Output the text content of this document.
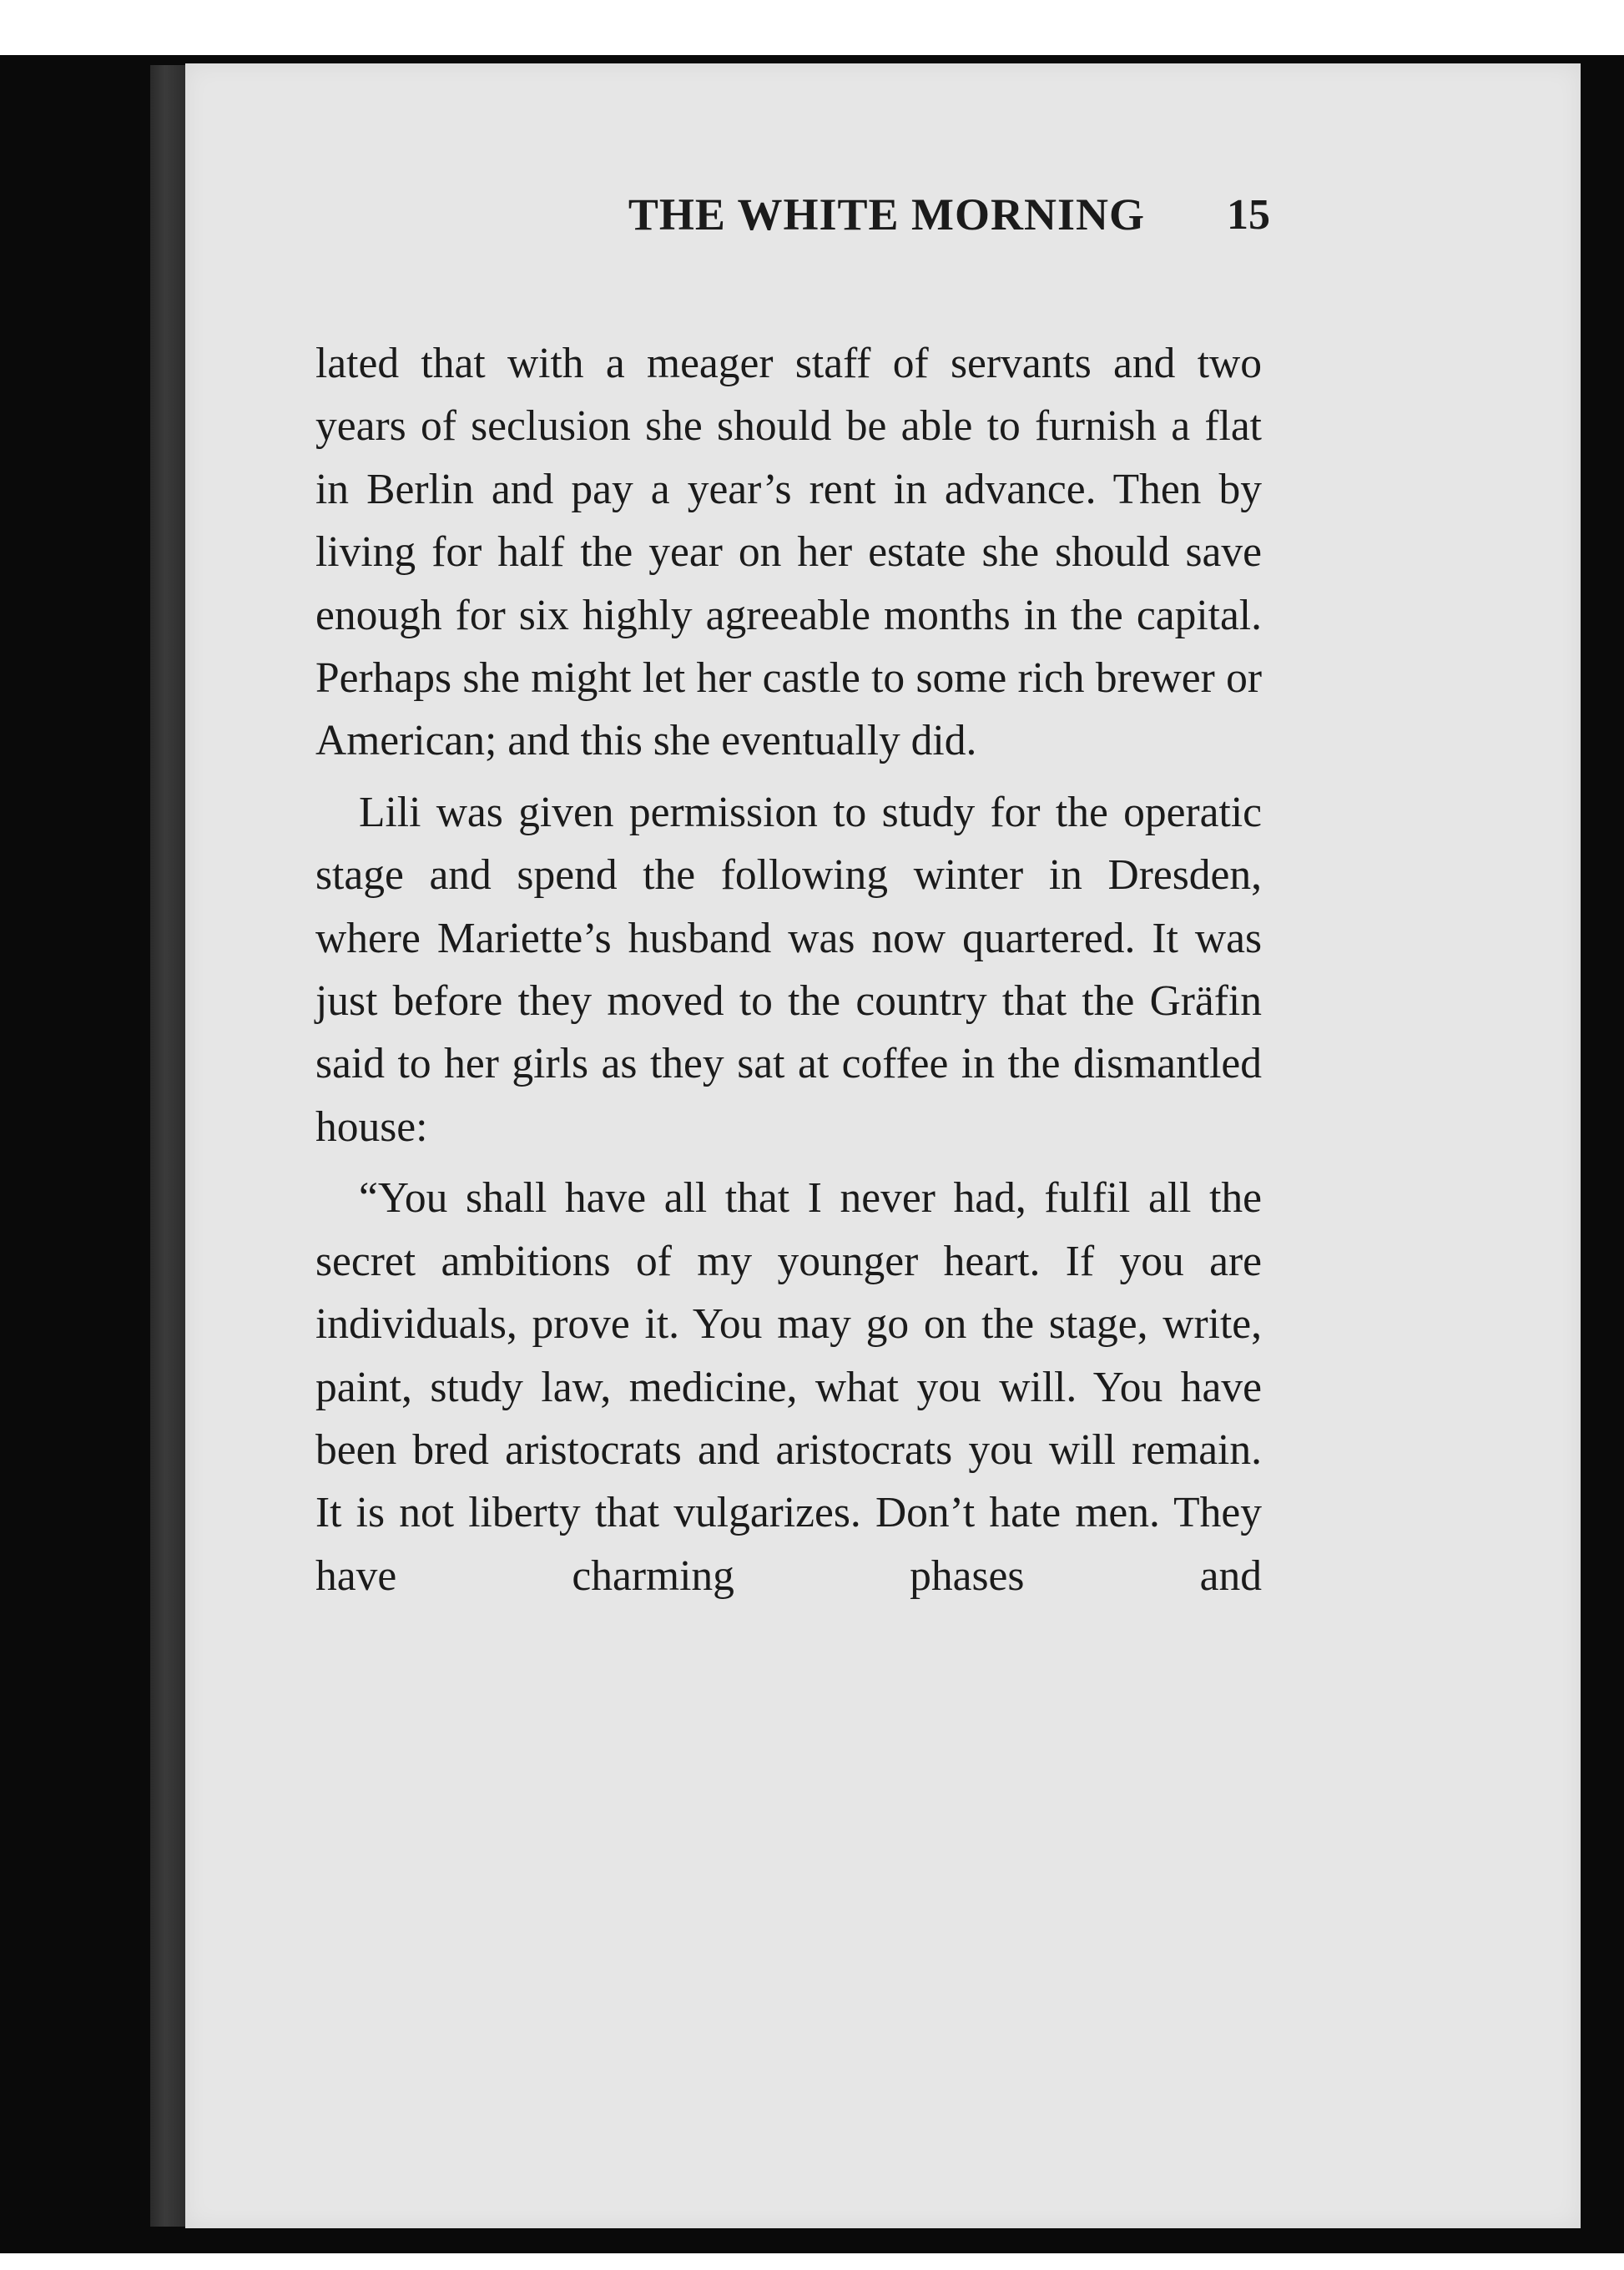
THE WHITE MORNING 15

lated that with a meager staff of servants and two years of seclusion she should be able to furnish a flat in Berlin and pay a year’s rent in advance. Then by living for half the year on her estate she should save enough for six highly agreeable months in the capital. Perhaps she might let her castle to some rich brewer or American; and this she eventually did.

Lili was given permission to study for the operatic stage and spend the following winter in Dresden, where Mariette’s husband was now quartered. It was just before they moved to the country that the Gräfin said to her girls as they sat at coffee in the dismantled house:

“You shall have all that I never had, fulfil all the secret ambitions of my younger heart. If you are individuals, prove it. You may go on the stage, write, paint, study law, medicine, what you will. You have been bred aristocrats and aristocrats you will remain. It is not liberty that vulgarizes. Don’t hate men. They have charming phases and
